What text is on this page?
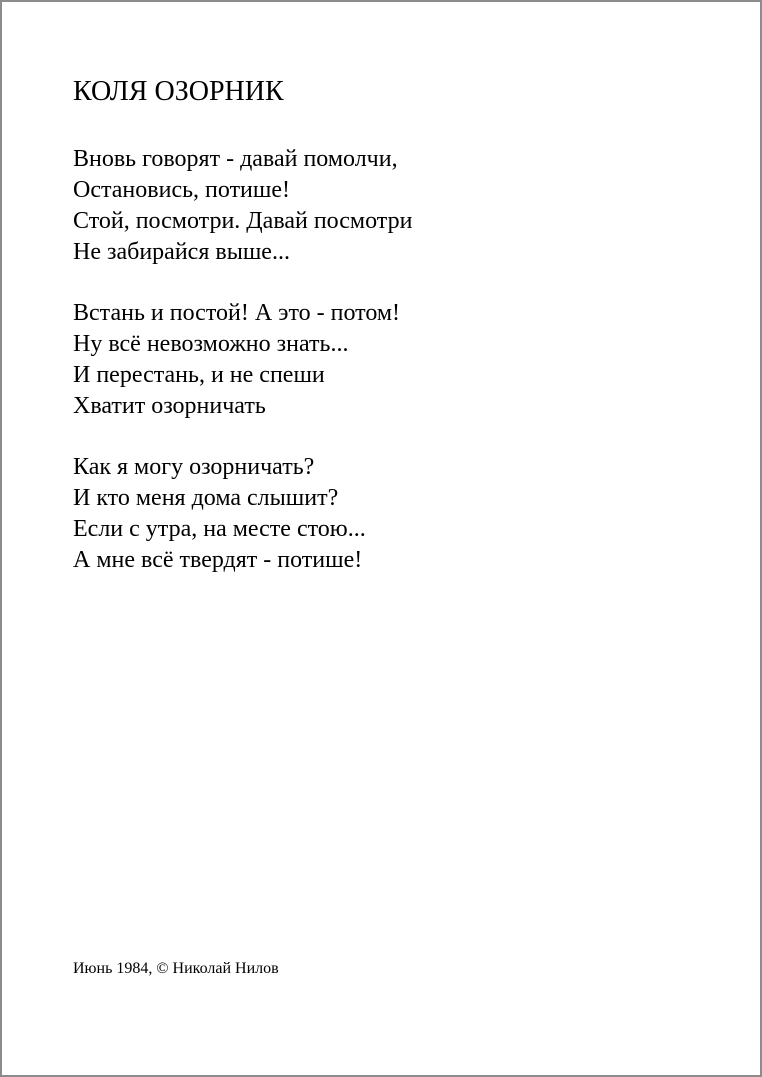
КОЛЯ ОЗОРНИК
Вновь говорят - давай помолчи,
Остановись, потише!
Стой, посмотри. Давай посмотри
Не забирайся выше...
Встань и постой! А это - потом!
Ну всё невозможно знать...
И перестань, и не спеши
Хватит озорничать
Как я могу озорничать?
И кто меня дома слышит?
Если с утра, на месте стою...
А мне всё твердят - потише!
Июнь 1984, © Николай Нилов
